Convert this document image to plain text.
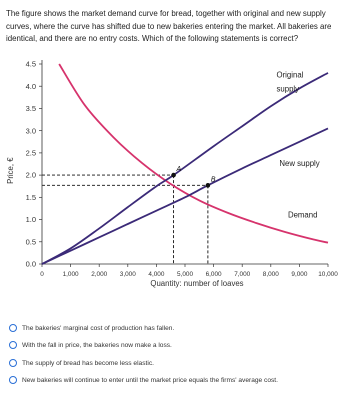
The figure shows the market demand curve for bread, together with original and new supply curves, where the curve has shifted due to new bakeries entering the market. All bakeries are identical, and there are no entry costs. Which of the following statements is correct?

0.0
0.5
1.0
1.5
2.0
2.5
3.0
3.5
4.0
4.5
0	1,000 2,000 3,000 4,000 5,000 6,000 7,000 8,000 9,000 10,000
Quantity: number of loaves
Price, €	A
B
Original
supply
New supply
Demand
The bakeries' marginal cost of production has fallen.
With the fall in price, the bakeries now make a loss.
The supply of bread has become less elastic.
New bakeries will continue to enter until the market price equals the firms' average cost.
